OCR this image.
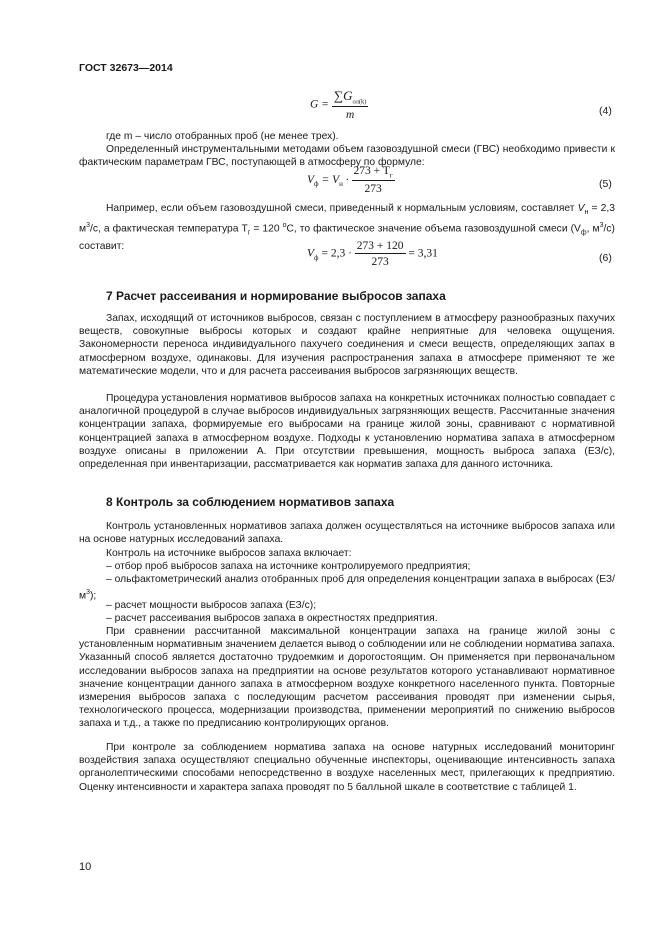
ГОСТ 32673—2014
$G = \frac{\sum G_{ол(k)}}{m}$	(4)

где m – число отобранных проб (не менее трех).

Определенный инструментальными методами объем газовоздушной смеси (ГВС) необходимо привести к фактическим параметрам ГВС, поступающей в атмосферу по формуле:

$V_ф = V_н \cdot \frac{273 + T_г}{273}$	(5)

Например, если объем газовоздушной смеси, приведенный к нормальным условиям, составляет $V_н = 2,3$ $м^3/с$, а фактическая температура $T_г = 120$ $^о$С, то фактическое значение объема газовоздушной смеси ($V_ф$, $м^3/с$) составит:

$V_ф = 2,3 \cdot \frac{273 + 120}{273} = 3,31$	(6)
7 Расчет рассеивания и нормирование выбросов запаха

Запах, исходящий от источников выбросов, связан с поступлением в атмосферу разнообразных пахучих веществ, совокупные выбросы которых и создают крайне неприятные для человека ощущения. Закономерности переноса индивидуального пахучего соединения и смеси веществ, определяющих запах в атмосферном воздухе, одинаковы. Для изучения распространения запаха в атмосфере применяют те же математические модели, что и для расчета рассеивания выбросов загрязняющих веществ.

Процедура установления нормативов выбросов запаха на конкретных источниках полностью совпадает с аналогичной процедурой в случае выбросов индивидуальных загрязняющих веществ. Рассчитанные значения концентрации запаха, формируемые его выбросами на границе жилой зоны, сравнивают с нормативной концентрацией запаха в атмосферном воздухе. Подходы к установлению норматива запаха в атмосферном воздухе описаны в приложении А. При отсутствии превышения, мощность выброса запаха (ЕЗ/с), определенная при инвентаризации, рассматривается как норматив запаха для данного источника.

8 Контроль за соблюдением нормативов запаха

Контроль установленных нормативов запаха должен осуществляться на источнике выбросов запаха или на основе натурных исследований запаха.

Контроль на источнике выбросов запаха включает:

– отбор проб выбросов запаха на источнике контролируемого предприятия;

– ольфактометрический анализ отобранных проб для определения концентрации запаха в выбросах $(ЕЗ/м^3)$;

– расчет мощности выбросов запаха (ЕЗ/с);

– расчет рассеивания выбросов запаха в окрестностях предприятия.

При сравнении рассчитанной максимальной концентрации запаха на границе жилой зоны с установленным нормативным значением делается вывод о соблюдении или не соблюдении норматива запаха. Указанный способ является достаточно трудоемким и дорогостоящим. Он применяется при первоначальном исследовании выбросов запаха на предприятии на основе результатов которого устанавливают нормативное значение концентрации данного запаха в атмосферном воздухе конкретного населенного пункта. Повторные измерения выбросов запаха с последующим расчетом рассеивания проводят при изменении сырья, технологического процесса, модернизации производства, применении мероприятий по снижению выбросов запаха и т.д., а также по предписанию контролирующих органов.

При контроле за соблюдением норматива запаха на основе натурных исследований мониторинг воздействия запаха осуществляют специально обученные инспекторы, оценивающие интенсивность запаха органолептическими способами непосредственно в воздухе населенных мест, прилегающих к предприятию. Оценку интенсивности и характера запаха проводят по 5 балльной шкале в соответствие с таблицей 1.

10
